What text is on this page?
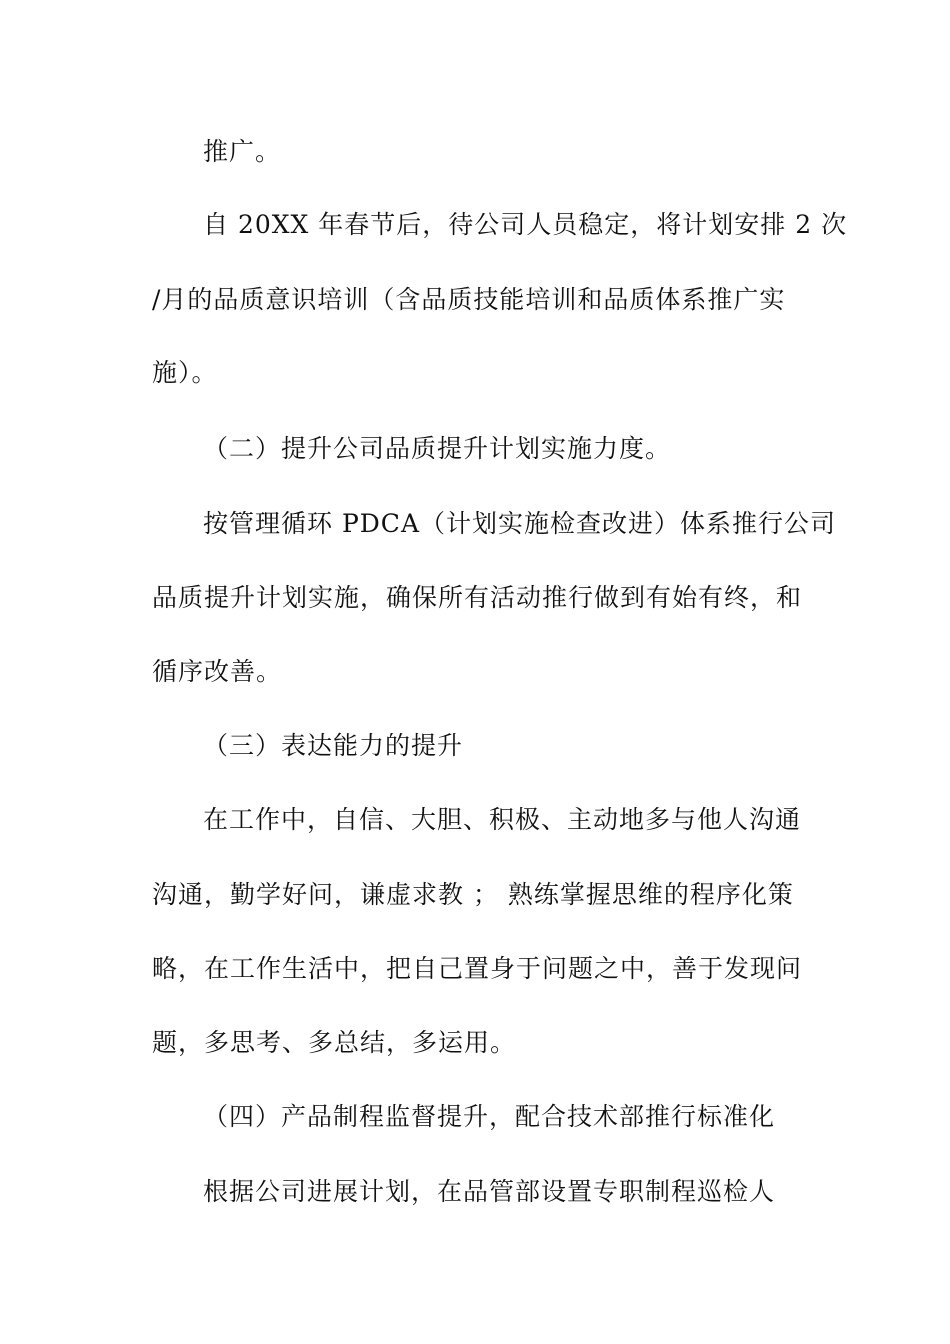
推广。
自 20XX 年春节后，待公司人员稳定，将计划安排 2 次
/月的品质意识培训（含品质技能培训和品质体系推广实
施）。
（二）提升公司品质提升计划实施力度。
按管理循环 PDCA（计划实施检查改进）体系推行公司
品质提升计划实施，确保所有活动推行做到有始有终，和
循序改善。
（三）表达能力的提升
在工作中，自信、大胆、积极、主动地多与他人沟通
沟通，勤学好问，谦虚求教 ； 熟练掌握思维的程序化策
略，在工作生活中，把自己置身于问题之中，善于发现问
题，多思考、多总结，多运用。
（四）产品制程监督提升，配合技术部推行标准化
根据公司进展计划，在品管部设置专职制程巡检人
